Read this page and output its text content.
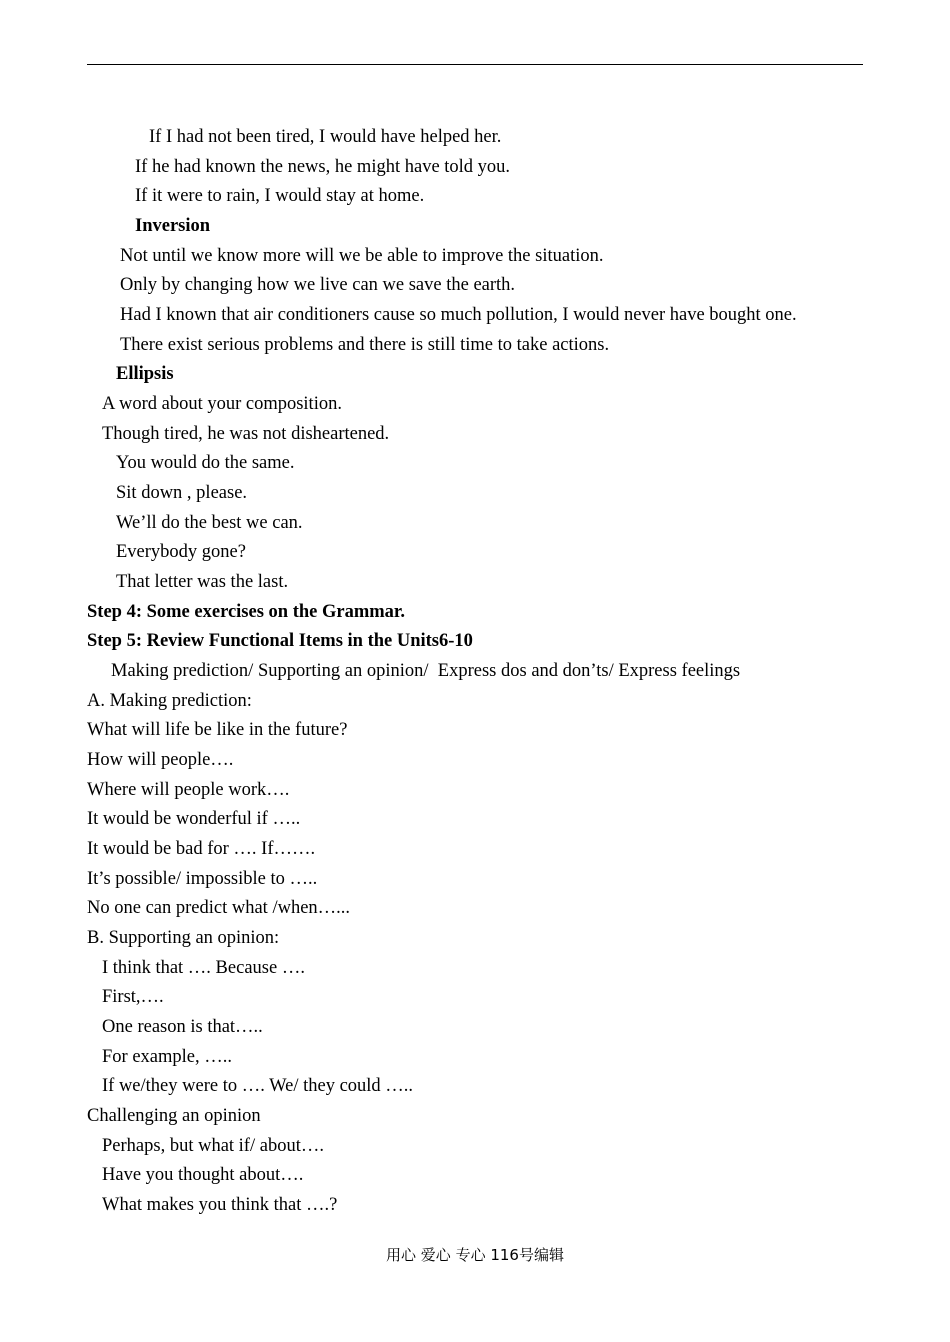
If I had not been tired, I would have helped her.
If he had known the news, he might have told you.
If it were to rain, I would stay at home.
Inversion
Not until we know more will we be able to improve the situation.
Only by changing how we live can we save the earth.
Had I known that air conditioners cause so much pollution, I would never have bought one.
There exist serious problems and there is still time to take actions.
Ellipsis
A word about your composition.
Though tired, he was not disheartened.
You would do the same.
Sit down , please.
We’ll do the best we can.
Everybody gone?
That letter was the last.
Step 4: Some exercises on the Grammar.
Step 5: Review Functional Items in the Units6-10
Making prediction/ Supporting an opinion/  Express dos and don’ts/ Express feelings
A. Making prediction:
What will life be like in the future?
How will people….
Where will people work….
It would be wonderful if …..
It would be bad for …. If…….
It’s possible/ impossible to …..
No one can predict what /when…...
B. Supporting an opinion:
I think that …. Because ….
First,….
One reason is that…..
For example, …..
If we/they were to …. We/ they could …..
Challenging an opinion
Perhaps, but what if/ about….
Have you thought about….
What makes you think that ….?
用心 爱心 专心 116号编辑
